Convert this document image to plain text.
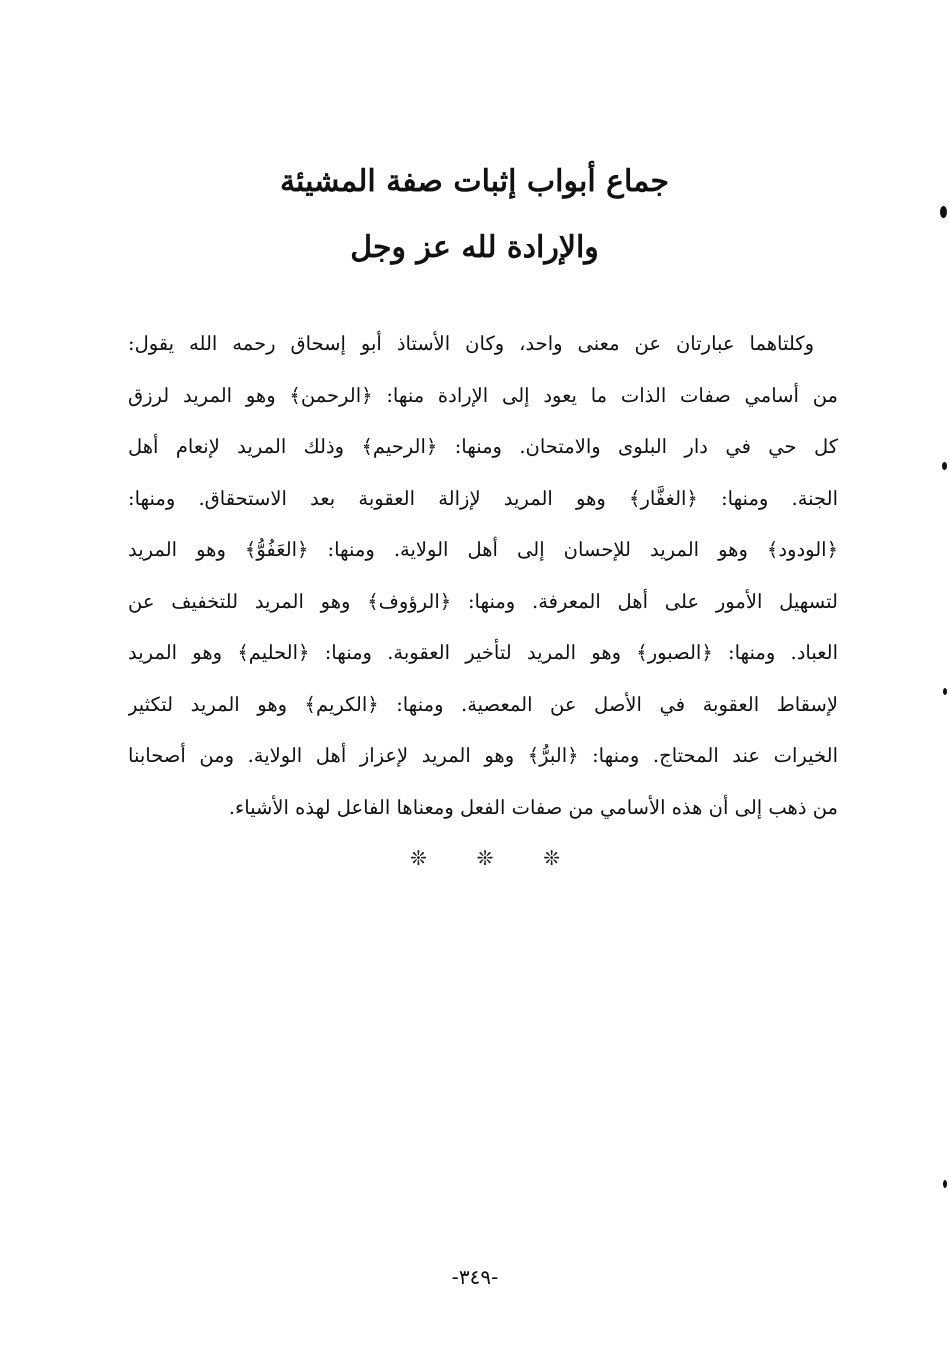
جماع أبواب إثبات صفة المشيئة
والإرادة لله عز وجل
وكلتاهما عبارتان عن معنى واحد، وكان الأستاذ أبو إسحاق رحمه الله يقول:
من أسامي صفات الذات ما يعود إلى الإرادة منها: ﴿الرحمن﴾ وهو المريد لرزق
كل حي في دار البلوى والامتحان. ومنها: ﴿الرحيم﴾ وذلك المريد لإنعام أهل
الجنة. ومنها: ﴿الغفَّار﴾ وهو المريد لإزالة العقوبة بعد الاستحقاق. ومنها:
﴿الودود﴾ وهو المريد للإحسان إلى أهل الولاية. ومنها: ﴿العَفُوُّ﴾ وهو المريد
لتسهيل الأمور على أهل المعرفة. ومنها: ﴿الرؤوف﴾ وهو المريد للتخفيف عن
العباد. ومنها: ﴿الصبور﴾ وهو المريد لتأخير العقوبة. ومنها: ﴿الحليم﴾ وهو المريد
لإسقاط العقوبة في الأصل عن المعصية. ومنها: ﴿الكريم﴾ وهو المريد لتكثير
الخيرات عند المحتاج. ومنها: ﴿البرُّ﴾ وهو المريد لإعزاز أهل الولاية. ومن أصحابنا
من ذهب إلى أن هذه الأسامي من صفات الفعل ومعناها الفاعل لهذه الأشياء.
❊ ❊ ❊
-٣٤٩-
